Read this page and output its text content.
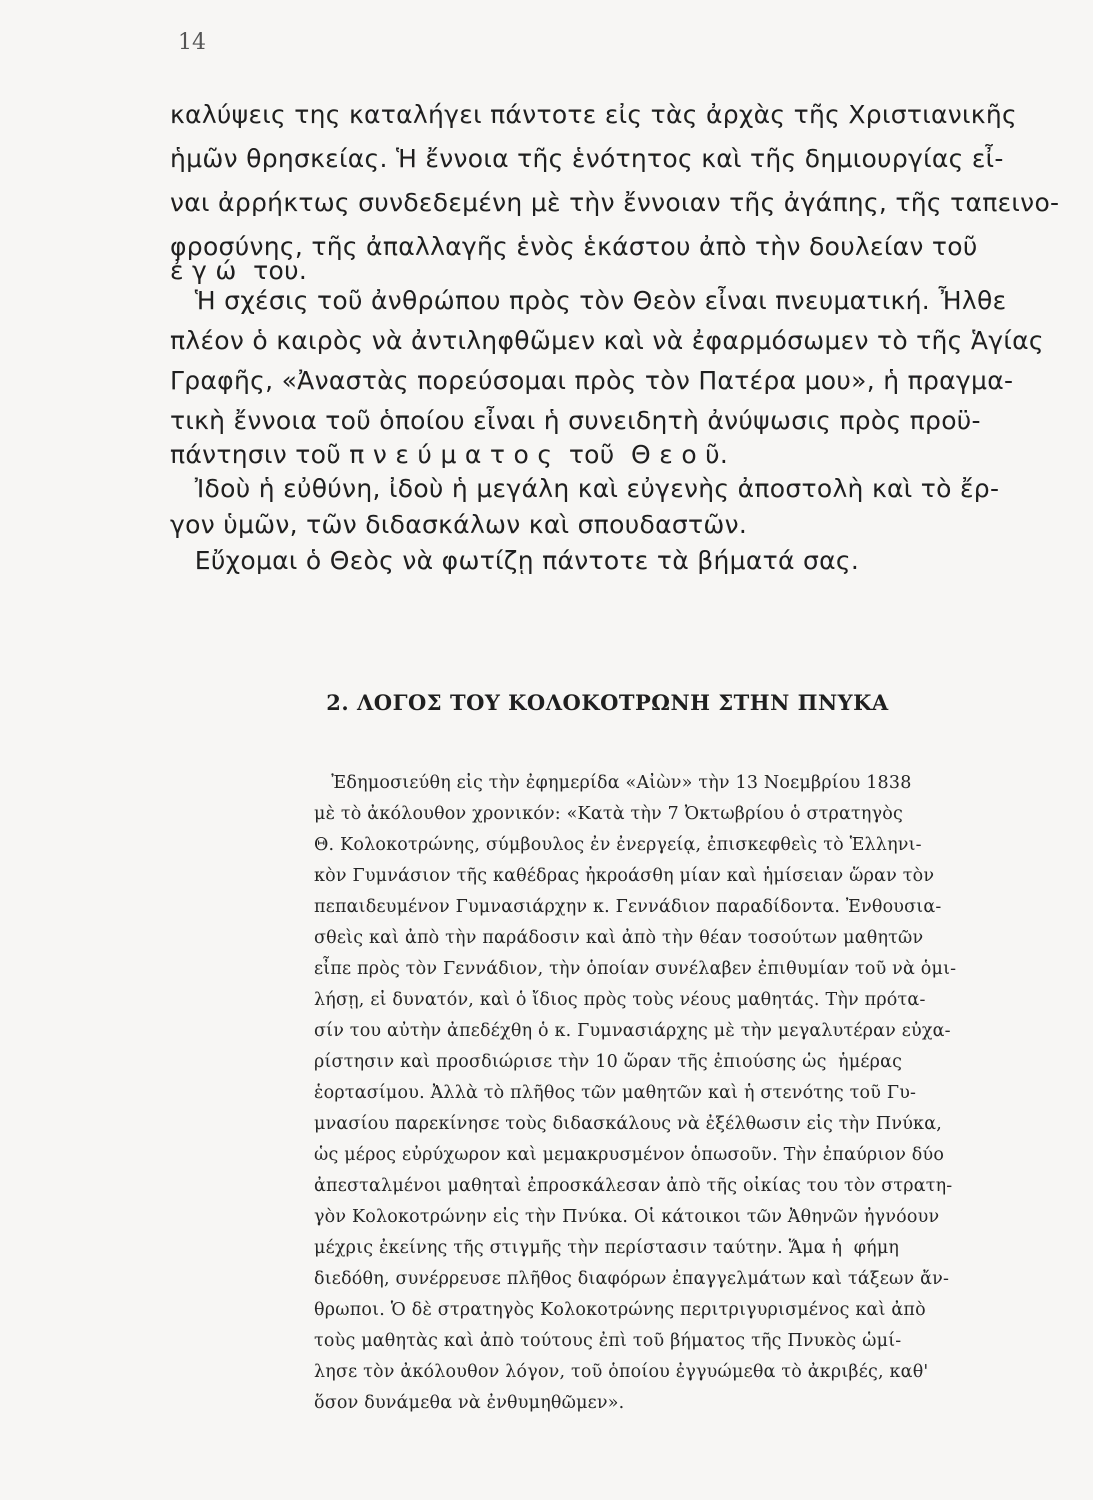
14

καλύψεις της καταλήγει πάντοτε εἰς τὰς ἀρχὰς τῆς Χριστιανικῆς

ἡμῶν θρησκείας. Ἡ ἔννοια τῆς ἑνότητος καὶ τῆς δημιουργίας εἶ-

ναι ἀρρήκτως συνδεδεμένη μὲ τὴν ἔννοιαν τῆς ἀγάπης, τῆς ταπεινο-

φροσύνης, τῆς ἀπαλλαγῆς ἑνὸς ἑκάστου ἀπὸ τὴν δουλείαν τοῦ

ἐ γ ώ  του.

Ἡ σχέσις τοῦ ἀνθρώπου πρὸς τὸν Θεὸν εἶναι πνευματική. Ἦλθε

πλέον ὁ καιρὸς νὰ ἀντιληφθῶμεν καὶ νὰ ἐφαρμόσωμεν τὸ τῆς Ἁγίας

Γραφῆς, «Ἀναστὰς πορεύσομαι πρὸς τὸν Πατέρα μου», ἡ πραγμα-

τικὴ ἔννοια τοῦ ὁποίου εἶναι ἡ συνειδητὴ ἀνύψωσις πρὸς προϋ-

πάντησιν τοῦ π ν ε ύ μ α τ ο ς  τοῦ  Θ ε ο ῦ.

Ἰδοὺ ἡ εὐθύνη, ἰδοὺ ἡ μεγάλη καὶ εὐγενὴς ἀποστολὴ καὶ τὸ ἔρ-

γον ὑμῶν, τῶν διδασκάλων καὶ σπουδαστῶν.

Εὔχομαι ὁ Θεὸς νὰ φωτίζῃ πάντοτε τὰ βήματά σας.

2. ΛΟΓΟΣ ΤΟΥ ΚΟΛΟΚΟΤΡΩΝΗ ΣΤΗΝ ΠΝΥΚΑ
Ἐδημοσιεύθη εἰς τὴν ἐφημερίδα «Αἰὼν» τὴν 13 Νοεμβρίου 1838
μὲ τὸ ἀκόλουθον χρονικόν: «Κατὰ τὴν 7 Ὀκτωβρίου ὁ στρατηγὸς
Θ. Κολοκοτρώνης, σύμβουλος ἐν ἐνεργείᾳ, ἐπισκεφθεὶς τὸ Ἑλληνι-
κὸν Γυμνάσιον τῆς καθέδρας ἠκροάσθη μίαν καὶ ἡμίσειαν ὥραν τὸν
πεπαιδευμένον Γυμνασιάρχην κ. Γεννάδιον παραδίδοντα. Ἐνθουσια-
σθεὶς καὶ ἀπὸ τὴν παράδοσιν καὶ ἀπὸ τὴν θέαν τοσούτων μαθητῶν
εἶπε πρὸς τὸν Γεννάδιον, τὴν ὁποίαν συνέλαβεν ἐπιθυμίαν τοῦ νὰ ὁμι-
λήσῃ, εἰ δυνατόν, καὶ ὁ ἴδιος πρὸς τοὺς νέους μαθητάς. Τὴν πρότα-
σίν του αὐτὴν ἀπεδέχθη ὁ κ. Γυμνασιάρχης μὲ τὴν μεγαλυτέραν εὐχα-
ρίστησιν καὶ προσδιώρισε τὴν 10 ὥραν τῆς ἐπιούσης ὡς  ἡμέρας
ἑορτασίμου. Ἀλλὰ τὸ πλῆθος τῶν μαθητῶν καὶ ἡ στενότης τοῦ Γυ-
μνασίου παρεκίνησε τοὺς διδασκάλους νὰ ἐξέλθωσιν εἰς τὴν Πνύκα,
ὡς μέρος εὐρύχωρον καὶ μεμακρυσμένον ὁπωσοῦν. Τὴν ἐπαύριον δύο
ἀπεσταλμένοι μαθηταὶ ἐπροσκάλεσαν ἀπὸ τῆς οἰκίας του τὸν στρατη-
γὸν Κολοκοτρώνην εἰς τὴν Πνύκα. Οἱ κάτοικοι τῶν Ἀθηνῶν ἠγνόουν
μέχρις ἐκείνης τῆς στιγμῆς τὴν περίστασιν ταύτην. Ἅμα ἡ  φήμη
διεδόθη, συνέρρευσε πλῆθος διαφόρων ἐπαγγελμάτων καὶ τάξεων ἄν-
θρωποι. Ὁ δὲ στρατηγὸς Κολοκοτρώνης περιτριγυρισμένος καὶ ἀπὸ
τοὺς μαθητὰς καὶ ἀπὸ τούτους ἐπὶ τοῦ βήματος τῆς Πνυκὸς ὡμί-
λησε τὸν ἀκόλουθον λόγον, τοῦ ὁποίου ἐγγυώμεθα τὸ ἀκριβές, καθ'
ὅσον δυνάμεθα νὰ ἐνθυμηθῶμεν».
